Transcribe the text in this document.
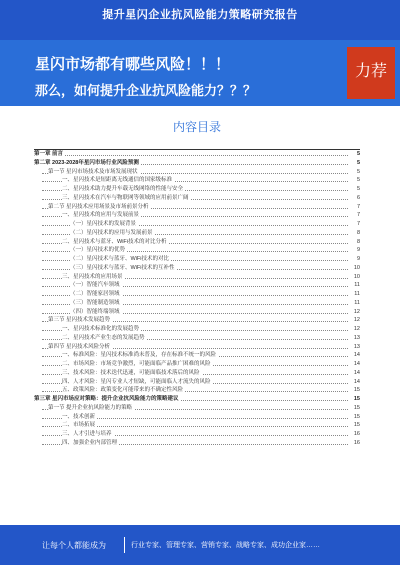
提升星闪企业抗风险能力策略研究报告
星闪市场都有哪些风险！！！
那么，如何提升企业抗风险能力？？？
力荐
内容目录
第一章 前言	5
第二章 2023-2028年星闪市场行业风险预测	5
第一节 星闪市场技术及市场发展现状	5
一、星闪技术是短距离无线通信的国家级标准	5
二、星闪技术助力提升车载无线网络的性能与安全	5
三、星闪技术在汽车与物联网等领域的应用前景广阔	6
第二节 星闪技术应用场景及市场前景分析	7
一、星闪技术的应用与发展前景	7
（一）星闪技术的发展背景	7
（二）星闪技术的应用与发展前景	8
二、星闪技术与蓝牙、WiFi技术的对比分析	8
（一）星闪技术的优势	9
（二）星闪技术与蓝牙、WiFi技术的对比	9
（三）星闪技术与蓝牙、WiFi技术的互补性	10
三、星闪技术的应用场景	10
（一）智能汽车领域	11
（二）智能家居领域	11
（三）智能制造领域	11
（四）智能终端领域	12
第三节 星闪技术发展趋势	12
一、星闪技术标准化的发展趋势	12
二、星闪技术产业生态的发展趋势	13
第四节 星闪技术风险分析	13
一、标准风险：星闪技术标准尚未普及，存在标准不统一的风险	14
二、市场风险：市场竞争激烈，可能面临产品推广困难的风险	14
三、技术风险：技术迭代迅速，可能面临技术落后的风险	14
四、人才风险：星闪专业人才短缺，可能面临人才流失的风险	14
五、政策风险：政策变化可能带来的不确定性风险	15
第三章 星闪市场应对策略：提升企业抗风险能力的策略建议	15
第一节 提升企业抗风险能力的策略	15
一、技术创新	15
二、市场拓展	15
三、人才引进与培养	16
四、加强企业内部管理	16
让每个人都能成为	行业专家、管理专家、营销专家、战略专家、成功企业家……
